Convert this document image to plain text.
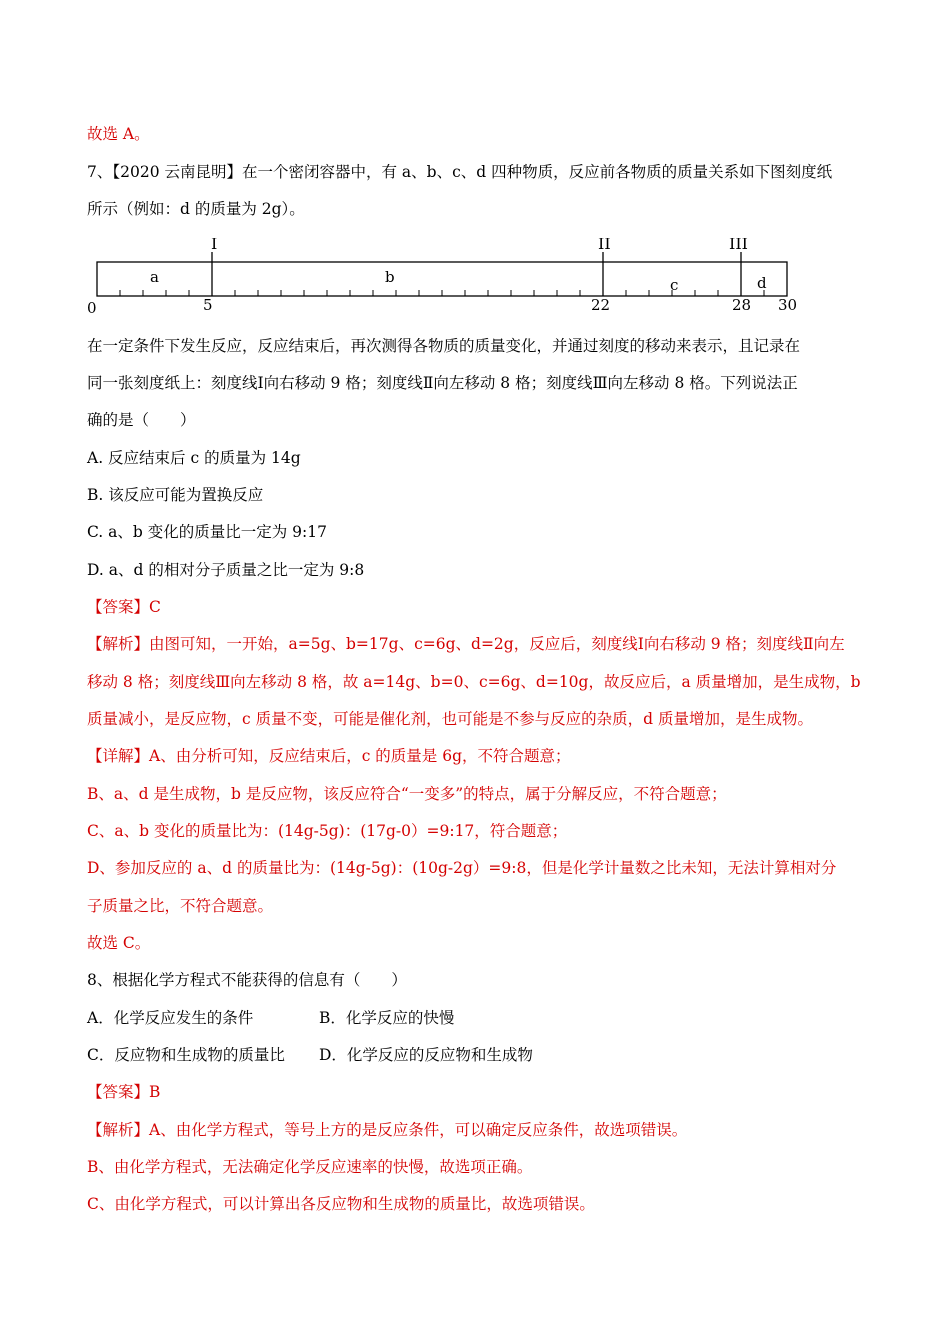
故选 A。
7、【2020 云南昆明】在一个密闭容器中，有 a、b、c、d 四种物质，反应前各物质的质量关系如下图刻度纸
所示（例如：d 的质量为 2g）。
在一定条件下发生反应，反应结束后，再次测得各物质的质量变化，并通过刻度的移动来表示，且记录在
同一张刻度纸上：刻度线Ⅰ向右移动 9 格；刻度线Ⅱ向左移动 8 格；刻度线Ⅲ向左移动 8 格。下列说法正
确的是（　　）
A. 反应结束后 c 的质量为 14g
B. 该反应可能为置换反应
C. a、b 变化的质量比一定为 9:17
D. a、d 的相对分子质量之比一定为 9:8
【答案】C
【解析】由图可知，一开始，a=5g、b=17g、c=6g、d=2g，反应后，刻度线Ⅰ向右移动 9 格；刻度线Ⅱ向左
移动 8 格；刻度线Ⅲ向左移动 8 格，故 a=14g、b=0、c=6g、d=10g，故反应后，a 质量增加，是生成物，b
质量减小，是反应物，c 质量不变，可能是催化剂，也可能是不参与反应的杂质，d 质量增加，是生成物。
【详解】A、由分析可知，反应结束后，c 的质量是 6g，不符合题意；
B、a、d 是生成物，b 是反应物，该反应符合“一变多”的特点，属于分解反应，不符合题意；
C、a、b 变化的质量比为：(14g-5g)：(17g-0）=9:17，符合题意；
D、参加反应的 a、d 的质量比为：(14g-5g)：(10g-2g）=9:8，但是化学计量数之比未知，无法计算相对分
子质量之比，不符合题意。
故选 C。
8、根据化学方程式不能获得的信息有（　　）
A．化学反应发生的条件	B．化学反应的快慢
C．反应物和生成物的质量比	D．化学反应的反应物和生成物
【答案】B
【解析】A、由化学方程式，等号上方的是反应条件，可以确定反应条件，故选项错误。
B、由化学方程式，无法确定化学反应速率的快慢，故选项正确。
C、由化学方程式，可以计算出各反应物和生成物的质量比，故选项错误。
I	II	III
a	b	c	d
0	5	22	28 30
